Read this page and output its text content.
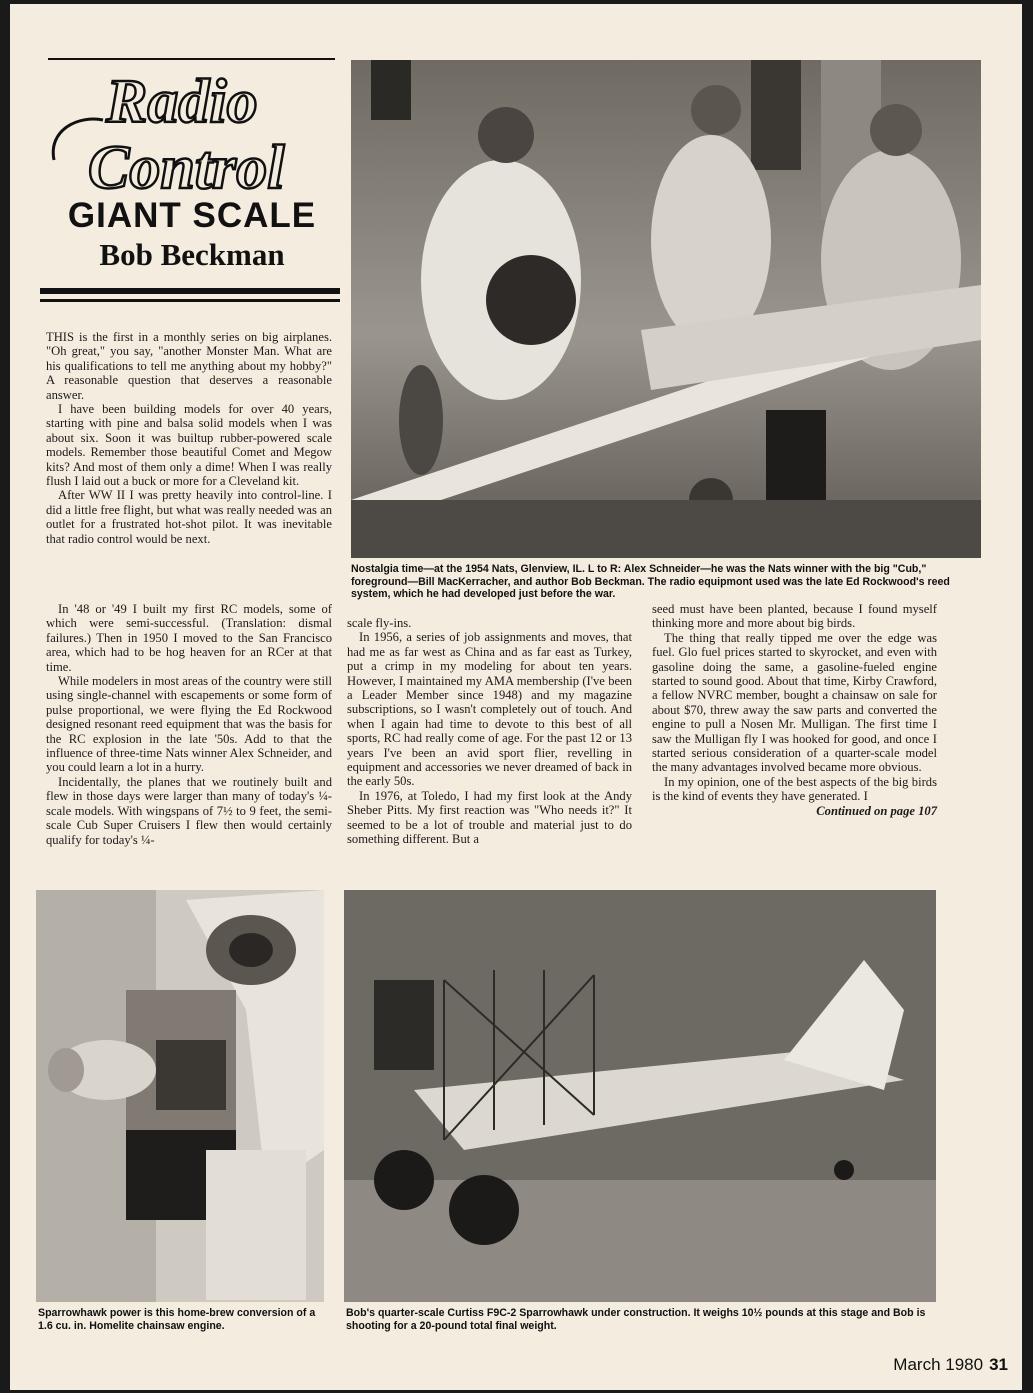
Radio
Control
GIANT SCALE
Bob Beckman
Nostalgia time—at the 1954 Nats, Glenview, IL. L to R: Alex Schneider—he was the Nats winner with the big "Cub," foreground—Bill MacKerracher, and author Bob Beckman. The radio equipmont used was the late Ed Rockwood's reed system, which he had developed just before the war.

THIS is the first in a monthly series on big airplanes. "Oh great," you say, "another Monster Man. What are his qualifications to tell me anything about my hobby?" A reasonable question that deserves a reasonable answer.

I have been building models for over 40 years, starting with pine and balsa solid models when I was about six. Soon it was builtup rubber-powered scale models. Remember those beautiful Comet and Megow kits? And most of them only a dime! When I was really flush I laid out a buck or more for a Cleveland kit.

After WW II I was pretty heavily into control-line. I did a little free flight, but what was really needed was an outlet for a frustrated hot-shot pilot. It was inevitable that radio control would be next.

In '48 or '49 I built my first RC models, some of which were semi-successful. (Translation: dismal failures.) Then in 1950 I moved to the San Francisco area, which had to be hog heaven for an RCer at that time.

While modelers in most areas of the country were still using single-channel with escapements or some form of pulse proportional, we were flying the Ed Rockwood designed resonant reed equipment that was the basis for the RC explosion in the late '50s. Add to that the influence of three-time Nats winner Alex Schneider, and you could learn a lot in a hurry.

Incidentally, the planes that we routinely built and flew in those days were larger than many of today's ¼-scale models. With wingspans of 7½ to 9 feet, the semi-scale Cub Super Cruisers I flew then would certainly qualify for today's ¼-

scale fly-ins.

In 1956, a series of job assignments and moves, that had me as far west as China and as far east as Turkey, put a crimp in my modeling for about ten years. However, I maintained my AMA membership (I've been a Leader Member since 1948) and my magazine subscriptions, so I wasn't completely out of touch. And when I again had time to devote to this best of all sports, RC had really come of age. For the past 12 or 13 years I've been an avid sport flier, revelling in equipment and accessories we never dreamed of back in the early 50s.

In 1976, at Toledo, I had my first look at the Andy Sheber Pitts. My first reaction was "Who needs it?" It seemed to be a lot of trouble and material just to do something different. But a

seed must have been planted, because I found myself thinking more and more about big birds.

The thing that really tipped me over the edge was fuel. Glo fuel prices started to skyrocket, and even with gasoline doing the same, a gasoline-fueled engine started to sound good. About that time, Kirby Crawford, a fellow NVRC member, bought a chainsaw on sale for about $70, threw away the saw parts and converted the engine to pull a Nosen Mr. Mulligan. The first time I saw the Mulligan fly I was hooked for good, and once I started serious consideration of a quarter-scale model the many advantages involved became more obvious.

In my opinion, one of the best aspects of the big birds is the kind of events they have generated. I

Continued on page 107
Sparrowhawk power is this home-brew conversion of a 1.6 cu. in. Homelite chainsaw engine.
Bob's quarter-scale Curtiss F9C-2 Sparrowhawk under construction. It weighs 10½ pounds at this stage and Bob is shooting for a 20-pound total final weight.
March 1980 31
